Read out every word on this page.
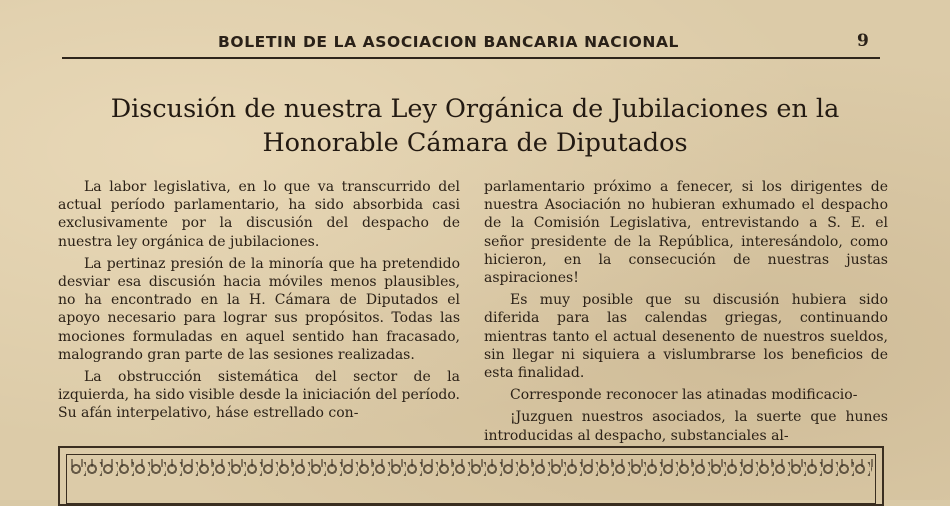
BOLETIN DE LA ASOCIACION BANCARIA NACIONAL	9
Discusión de nuestra Ley Orgánica de Jubilaciones en la
Honorable Cámara de Diputados

La labor legislativa, en lo que va transcurrido del actual período parlamentario, ha sido absorbida casi exclusivamente por la discusión del despacho de nuestra ley orgánica de jubilaciones.

La pertinaz presión de la minoría que ha pretendido desviar esa discusión hacia móviles menos plausibles, no ha encontrado en la H. Cámara de Diputados el apoyo necesario para lograr sus propósitos. Todas las mociones formuladas en aquel sentido han fracasado, malogrando gran parte de las sesiones realizadas.

La obstrucción sistemática del sector de la izquierda, ha sido visible desde la iniciación del período. Su afán interpelativo, háse estrellado con-

parlamentario próximo a fenecer, si los dirigentes de nuestra Asociación no hubieran exhumado el despacho de la Comisión Legislativa, entrevistando a S. E. el señor presidente de la República, interesándolo, como hicieron, en la consecución de nuestras justas aspiraciones!

Es muy posible que su discusión hubiera sido diferida para las calendas griegas, continuando mientras tanto el actual desenento de nuestros sueldos, sin llegar ni siquiera a vislumbrarse los beneficios de esta finalidad.

Corresponde reconocer las atinadas modificacio-

¡Juzguen nuestros asociados, la suerte que hunes introducidas al despacho, substanciales al-
